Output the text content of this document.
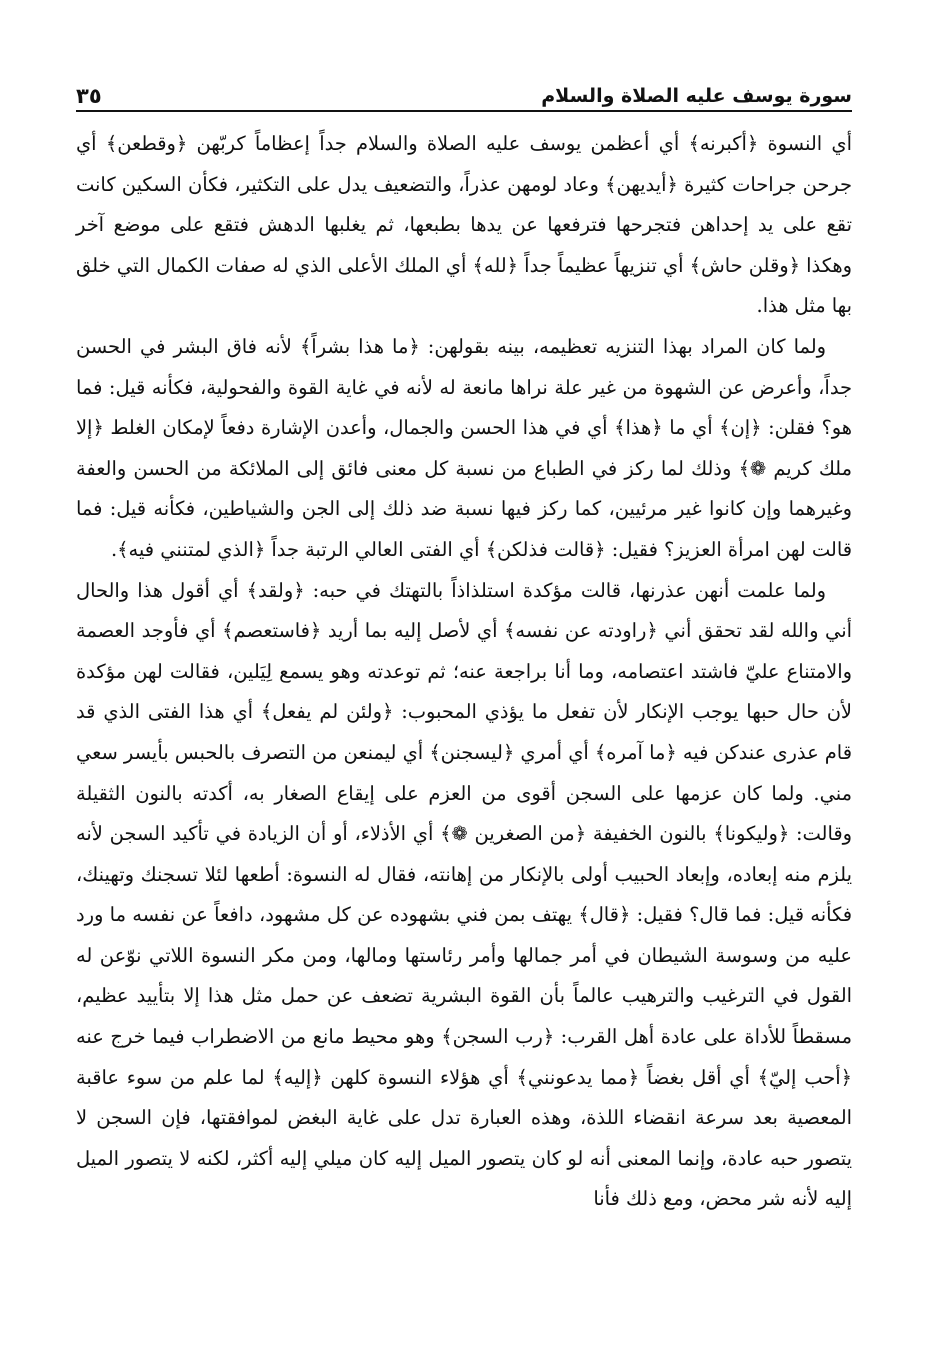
سورة يوسف عليه الصلاة والسلام
٣٥

أي النسوة ﴿أكبرنه﴾ أي أعظمن يوسف عليه الصلاة والسلام جداً إعظاماً كربّهن ﴿وقطعن﴾ أي جرحن جراحات كثيرة ﴿أيديهن﴾ وعاد لومهن عذراً، والتضعيف يدل على التكثير، فكأن السكين كانت تقع على يد إحداهن فتجرحها فترفعها عن يدها بطبعها، ثم يغلبها الدهش فتقع على موضع آخر وهكذا ﴿وقلن حاش﴾ أي تنزيهاً عظيماً جداً ﴿لله﴾ أي الملك الأعلى الذي له صفات الكمال التي خلق بها مثل هذا.

ولما كان المراد بهذا التنزيه تعظيمه، بينه بقولهن: ﴿ما هذا بشراً﴾ لأنه فاق البشر في الحسن جداً، وأعرض عن الشهوة من غير علة نراها مانعة له لأنه في غاية القوة والفحولية، فكأنه قيل: فما هو؟ فقلن: ﴿إن﴾ أي ما ﴿هذا﴾ أي في هذا الحسن والجمال، وأعدن الإشارة دفعاً لإمكان الغلط ﴿إلا ملك كريم ❁﴾ وذلك لما ركز في الطباع من نسبة كل معنى فائق إلى الملائكة من الحسن والعفة وغيرهما وإن كانوا غير مرئيين، كما ركز فيها نسبة ضد ذلك إلى الجن والشياطين، فكأنه قيل: فما قالت لهن امرأة العزيز؟ فقيل: ﴿قالت فذلكن﴾ أي الفتى العالي الرتبة جداً ﴿الذي لمتنني فيه﴾.

ولما علمت أنهن عذرنها، قالت مؤكدة استلذاذاً بالتهتك في حبه: ﴿ولقد﴾ أي أقول هذا والحال أني والله لقد تحقق أني ﴿راودته عن نفسه﴾ أي لأصل إليه بما أريد ﴿فاستعصم﴾ أي فأوجد العصمة والامتناع عليّ فاشتد اعتصامه، وما أنا براجعة عنه؛ ثم توعدته وهو يسمع لِيَلين، فقالت لهن مؤكدة لأن حال حبها يوجب الإنكار لأن تفعل ما يؤذي المحبوب: ﴿ولئن لم يفعل﴾ أي هذا الفتى الذي قد قام عذرى عندكن فيه ﴿ما آمره﴾ أي أمري ﴿ليسجنن﴾ أي ليمنعن من التصرف بالحبس بأيسر سعي مني. ولما كان عزمها على السجن أقوى من العزم على إيقاع الصغار به، أكدته بالنون الثقيلة وقالت: ﴿وليكونا﴾ بالنون الخفيفة ﴿من الصغرين ❁﴾ أي الأذلاء، أو أن الزيادة في تأكيد السجن لأنه يلزم منه إبعاده، وإبعاد الحبيب أولى بالإنكار من إهانته، فقال له النسوة: أطعها لئلا تسجنك وتهينك، فكأنه قيل: فما قال؟ فقيل: ﴿قال﴾ يهتف بمن فني بشهوده عن كل مشهود، دافعاً عن نفسه ما ورد عليه من وسوسة الشيطان في أمر جمالها وأمر رئاستها ومالها، ومن مكر النسوة اللاتي نوّعن له القول في الترغيب والترهيب عالماً بأن القوة البشرية تضعف عن حمل مثل هذا إلا بتأييد عظيم، مسقطاً للأداة على عادة أهل القرب: ﴿رب السجن﴾ وهو محيط مانع من الاضطراب فيما خرج عنه ﴿أحب إليّ﴾ أي أقل بغضاً ﴿مما يدعونني﴾ أي هؤلاء النسوة كلهن ﴿إليه﴾ لما علم من سوء عاقبة المعصية بعد سرعة انقضاء اللذة، وهذه العبارة تدل على غاية البغض لموافقتها، فإن السجن لا يتصور حبه عادة، وإنما المعنى أنه لو كان يتصور الميل إليه كان ميلي إليه أكثر، لكنه لا يتصور الميل إليه لأنه شر محض، ومع ذلك فأنا
